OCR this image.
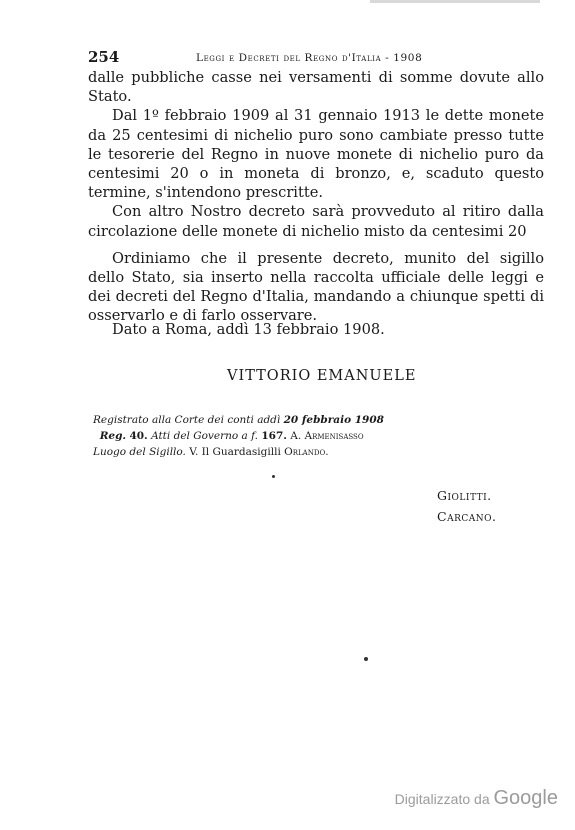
254	Leggi e Decreti del Regno d'Italia - 1908

dalle pubbliche casse nei versamenti di somme dovute allo Stato.

Dal 1º febbraio 1909 al 31 gennaio 1913 le dette monete da 25 centesimi di nichelio puro sono cambiate presso tutte le tesorerie del Regno in nuove monete di nichelio puro da centesimi 20 o in moneta di bronzo, e, scaduto questo termine, s'intendono prescritte.

Con altro Nostro decreto sarà provveduto al ritiro dalla circolazione delle monete di nichelio misto da centesimi 20

Ordiniamo che il presente decreto, munito del sigillo dello Stato, sia inserto nella raccolta ufficiale delle leggi e dei decreti del Regno d'Italia, mandando a chiunque spetti di osservarlo e di farlo osservare.

Dato a Roma, addì 13 febbraio 1908.
VITTORIO EMANUELE
Registrato alla Corte dei conti addì 20 febbraio 1908
Reg. 40. Atti del Governo a f. 167. A. Armenisasso
Luogo del Sigillo. V. Il Guardasigilli Orlando.
Giolitti.
Carcano.
Digitalizzato da Google
